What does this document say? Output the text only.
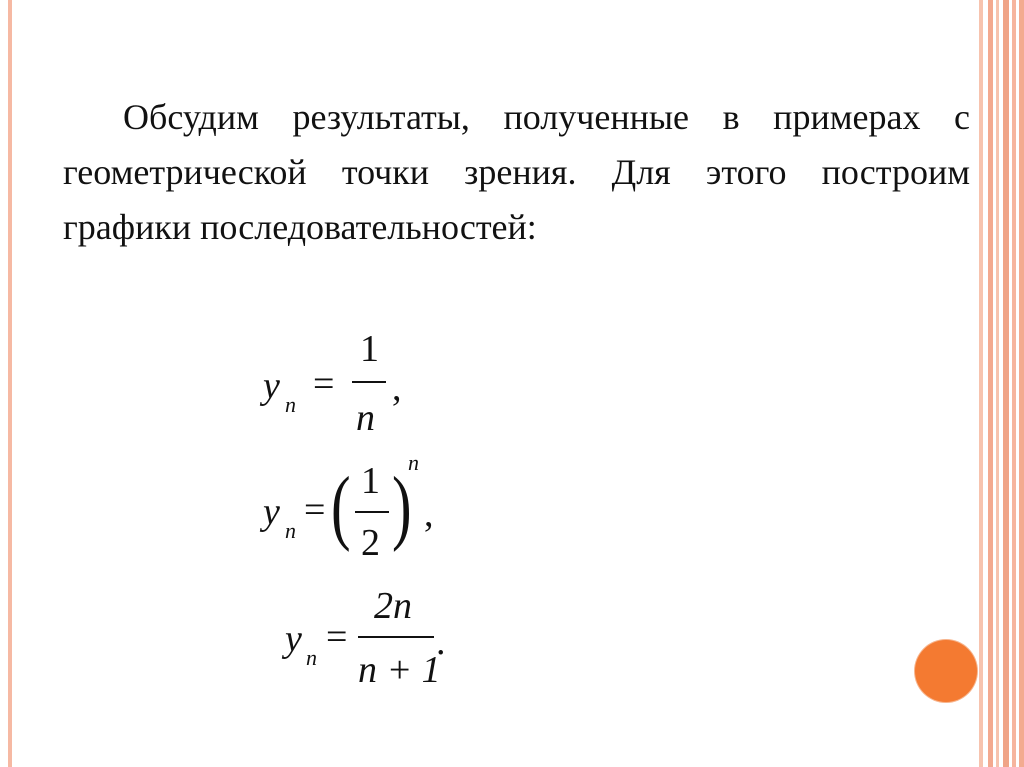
Обсудим результаты, полученные в примерах с геометрической точки зрения. Для этого построим графики последовательностей:

y n =
1
n
,
y n = ( 1
2 )
n
,
y n =
2n
n + 1
.
